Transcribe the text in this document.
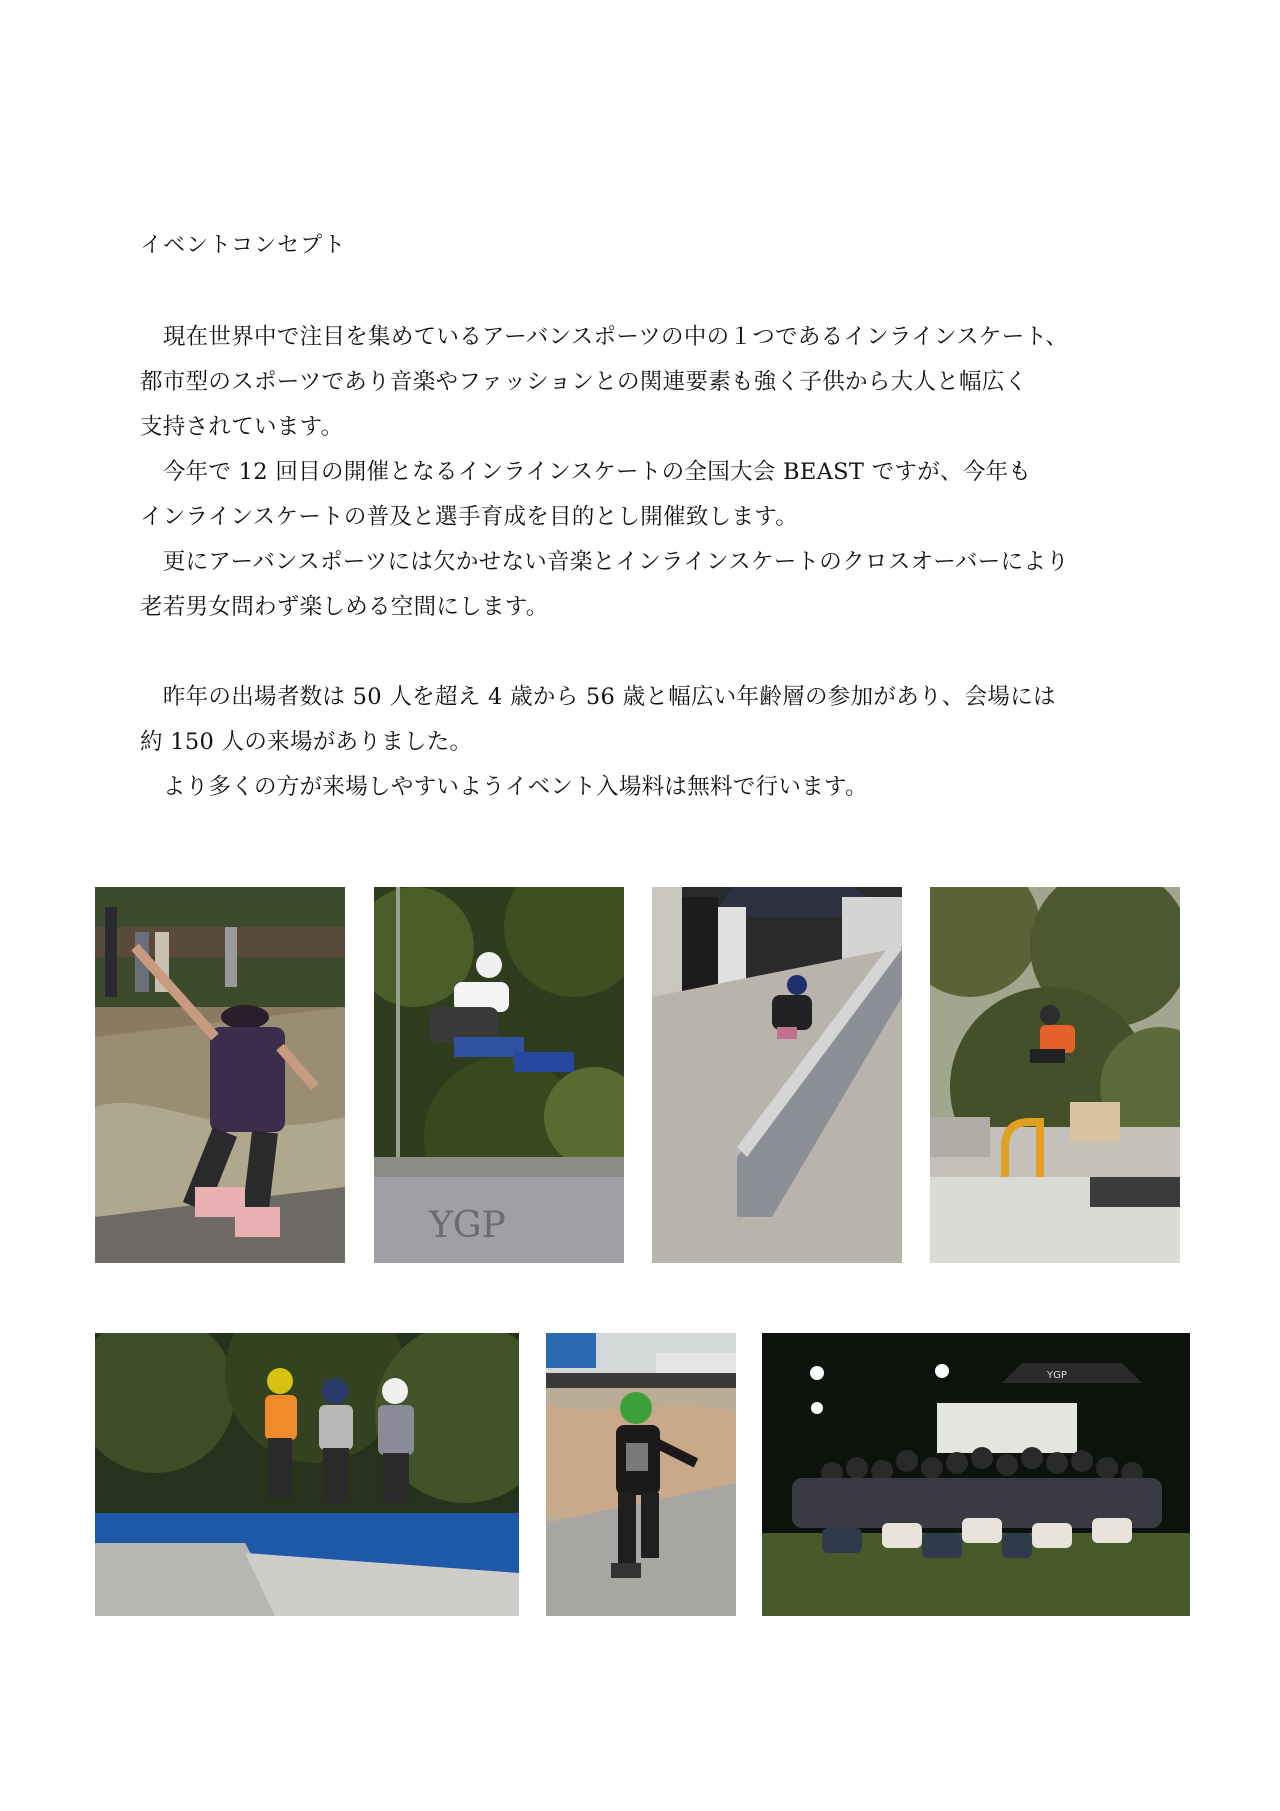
イベントコンセプト
　現在世界中で注目を集めているアーバンスポーツの中の１つであるインラインスケート、
都市型のスポーツであり音楽やファッションとの関連要素も強く子供から大人と幅広く
支持されています。
　今年で 12 回目の開催となるインラインスケートの全国大会 BEAST ですが、今年も
インラインスケートの普及と選手育成を目的とし開催致します。
　更にアーバンスポーツには欠かせない音楽とインラインスケートのクロスオーバーにより
老若男女問わず楽しめる空間にします。
　昨年の出場者数は 50 人を超え 4 歳から 56 歳と幅広い年齢層の参加があり、会場には
約 150 人の来場がありました。
　より多くの方が来場しやすいようイベント入場料は無料で行います。
YGP
YGP
